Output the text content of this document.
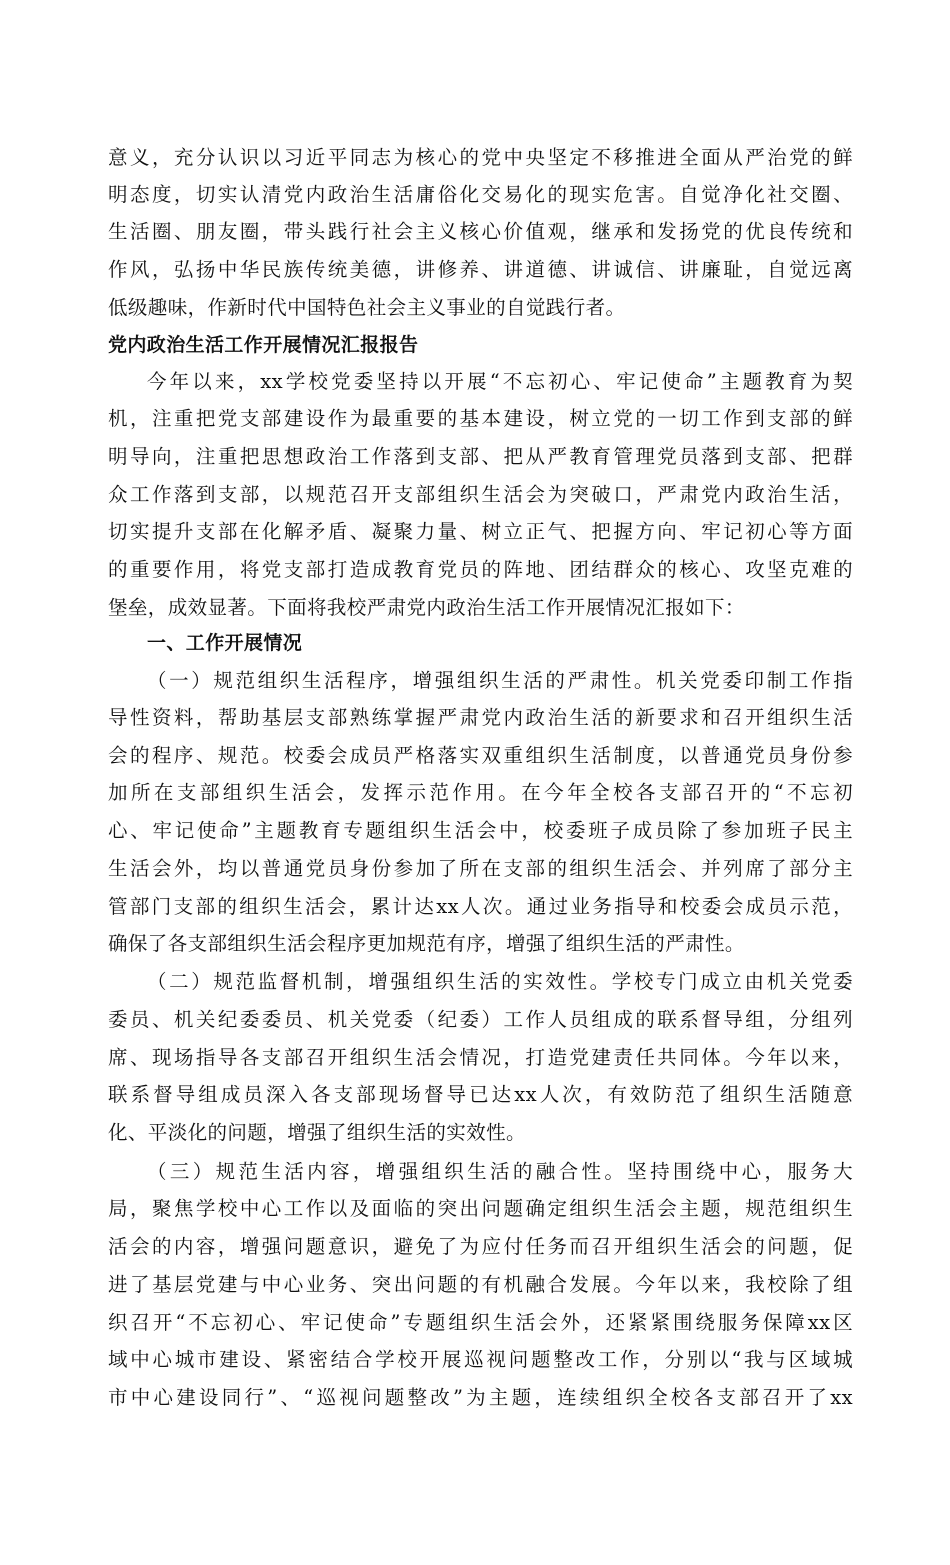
意义，充分认识以习近平同志为核心的党中央坚定不移推进全面从严治党的鲜
明态度，切实认清党内政治生活庸俗化交易化的现实危害。自觉净化社交圈、
生活圈、朋友圈，带头践行社会主义核心价值观，继承和发扬党的优良传统和
作风，弘扬中华民族传统美德，讲修养、讲道德、讲诚信、讲廉耻，自觉远离
低级趣味，作新时代中国特色社会主义事业的自觉践行者。
党内政治生活工作开展情况汇报报告
今年以来，xx学校党委坚持以开展“不忘初心、牢记使命”主题教育为契
机，注重把党支部建设作为最重要的基本建设，树立党的一切工作到支部的鲜
明导向，注重把思想政治工作落到支部、把从严教育管理党员落到支部、把群
众工作落到支部，以规范召开支部组织生活会为突破口，严肃党内政治生活，
切实提升支部在化解矛盾、凝聚力量、树立正气、把握方向、牢记初心等方面
的重要作用，将党支部打造成教育党员的阵地、团结群众的核心、攻坚克难的
堡垒，成效显著。下面将我校严肃党内政治生活工作开展情况汇报如下：
一、工作开展情况
（一）规范组织生活程序，增强组织生活的严肃性。机关党委印制工作指
导性资料，帮助基层支部熟练掌握严肃党内政治生活的新要求和召开组织生活
会的程序、规范。校委会成员严格落实双重组织生活制度，以普通党员身份参
加所在支部组织生活会，发挥示范作用。在今年全校各支部召开的“不忘初
心、牢记使命”主题教育专题组织生活会中，校委班子成员除了参加班子民主
生活会外，均以普通党员身份参加了所在支部的组织生活会、并列席了部分主
管部门支部的组织生活会，累计达xx人次。通过业务指导和校委会成员示范，
确保了各支部组织生活会程序更加规范有序，增强了组织生活的严肃性。
（二）规范监督机制，增强组织生活的实效性。学校专门成立由机关党委
委员、机关纪委委员、机关党委（纪委）工作人员组成的联系督导组，分组列
席、现场指导各支部召开组织生活会情况，打造党建责任共同体。今年以来，
联系督导组成员深入各支部现场督导已达xx人次，有效防范了组织生活随意
化、平淡化的问题，增强了组织生活的实效性。
（三）规范生活内容，增强组织生活的融合性。坚持围绕中心，服务大
局，聚焦学校中心工作以及面临的突出问题确定组织生活会主题，规范组织生
活会的内容，增强问题意识，避免了为应付任务而召开组织生活会的问题，促
进了基层党建与中心业务、突出问题的有机融合发展。今年以来，我校除了组
织召开“不忘初心、牢记使命”专题组织生活会外，还紧紧围绕服务保障xx区
域中心城市建设、紧密结合学校开展巡视问题整改工作，分别以“我与区域城
市中心建设同行”、“巡视问题整改”为主题，连续组织全校各支部召开了xx
